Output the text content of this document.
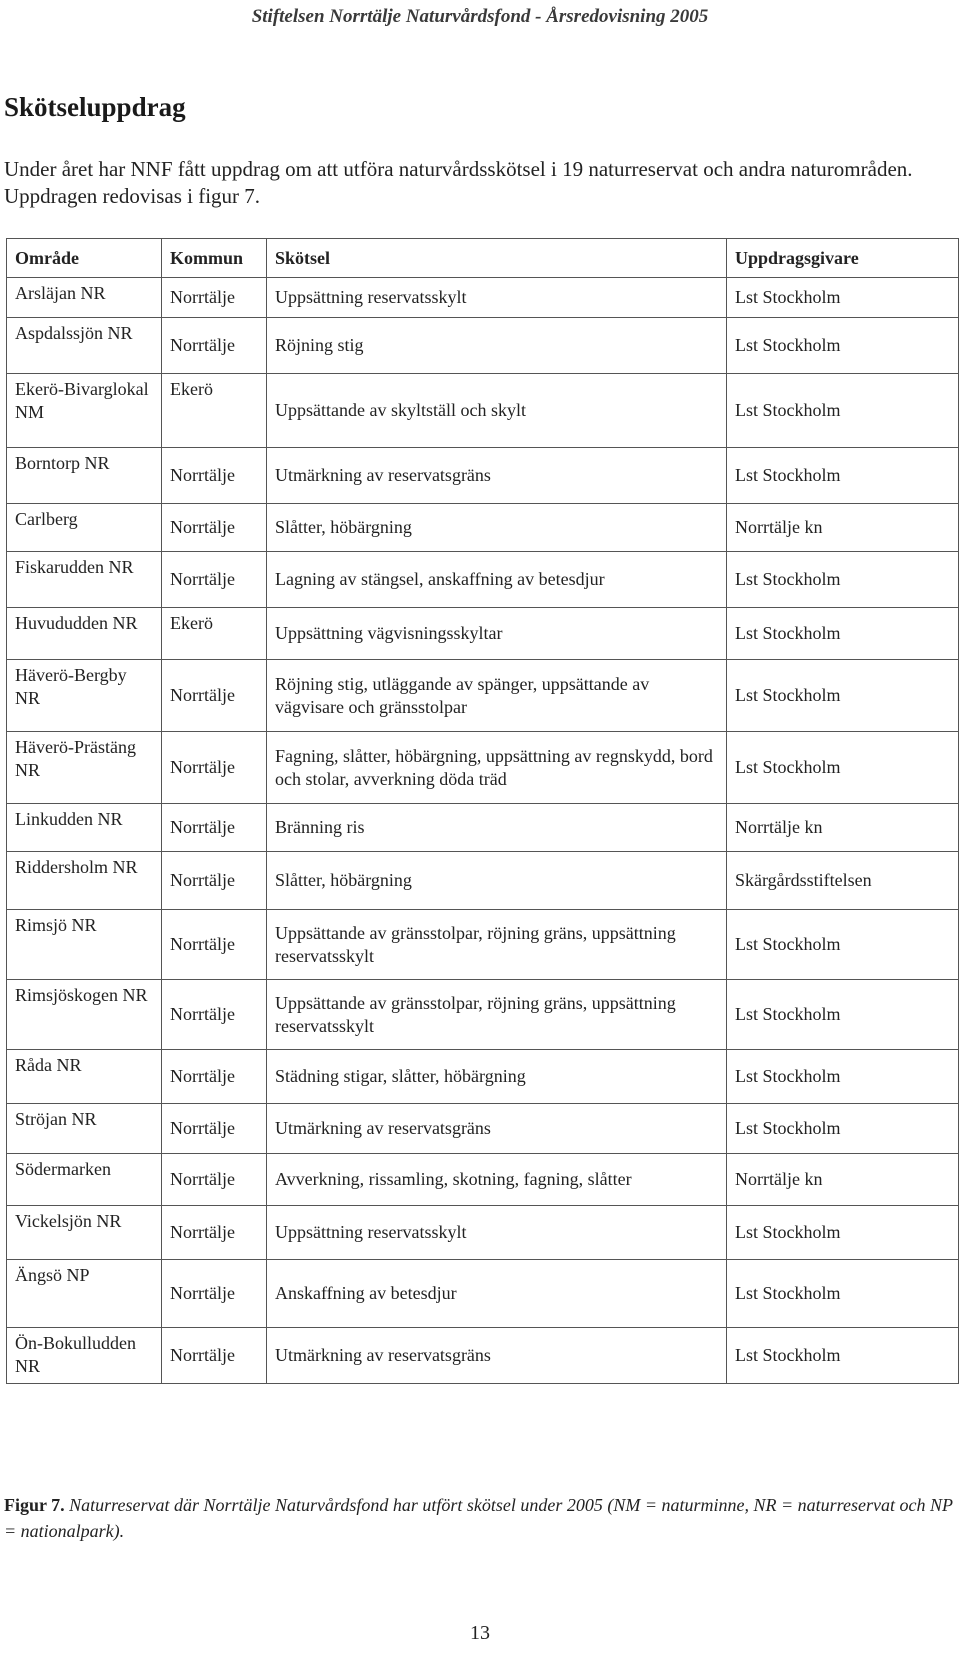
Stiftelsen Norrtälje Naturvårdsfond - Årsredovisning 2005
Skötseluppdrag

Under året har NNF fått uppdrag om att utföra naturvårdsskötsel i 19 naturreservat och andra naturområden. Uppdragen redovisas i figur 7.

Område	Kommun	Skötsel	Uppdragsgivare
Arsläjan NR	Norrtälje	Uppsättning reservatsskylt	Lst Stockholm
Aspdalssjön NR	Norrtälje	Röjning stig	Lst Stockholm
Ekerö-Bivarglokal NM	Ekerö	Uppsättande av skyltställ och skylt	Lst Stockholm
Borntorp NR	Norrtälje	Utmärkning av reservatsgräns	Lst Stockholm
Carlberg	Norrtälje	Slåtter, höbärgning	Norrtälje kn
Fiskarudden NR	Norrtälje	Lagning av stängsel, anskaffning av betesdjur	Lst Stockholm
Huvududden NR	Ekerö	Uppsättning vägvisningsskyltar	Lst Stockholm
Häverö-Bergby NR	Norrtälje	Röjning stig, utläggande av spänger, uppsättande av vägvisare och gränsstolpar	Lst Stockholm
Häverö-Prästäng NR	Norrtälje	Fagning, slåtter, höbärgning, uppsättning av regnskydd, bord och stolar, avverkning döda träd	Lst Stockholm
Linkudden NR	Norrtälje	Bränning ris	Norrtälje kn
Riddersholm NR	Norrtälje	Slåtter, höbärgning	Skärgårdsstiftelsen
Rimsjö NR	Norrtälje	Uppsättande av gränsstolpar, röjning gräns, uppsättning reservatsskylt	Lst Stockholm
Rimsjöskogen NR	Norrtälje	Uppsättande av gränsstolpar, röjning gräns, uppsättning reservatsskylt	Lst Stockholm
Råda NR	Norrtälje	Städning stigar, slåtter, höbärgning	Lst Stockholm
Ströjan NR	Norrtälje	Utmärkning av reservatsgräns	Lst Stockholm
Södermarken	Norrtälje	Avverkning, rissamling, skotning, fagning, slåtter	Norrtälje kn
Vickelsjön NR	Norrtälje	Uppsättning reservatsskylt	Lst Stockholm
Ängsö NP	Norrtälje	Anskaffning av betesdjur	Lst Stockholm
Ön-Bokulludden NR	Norrtälje	Utmärkning av reservatsgräns	Lst Stockholm

Figur 7. Naturreservat där Norrtälje Naturvårdsfond har utfört skötsel under 2005 (NM = naturminne, NR = naturreservat och NP = nationalpark).

13
